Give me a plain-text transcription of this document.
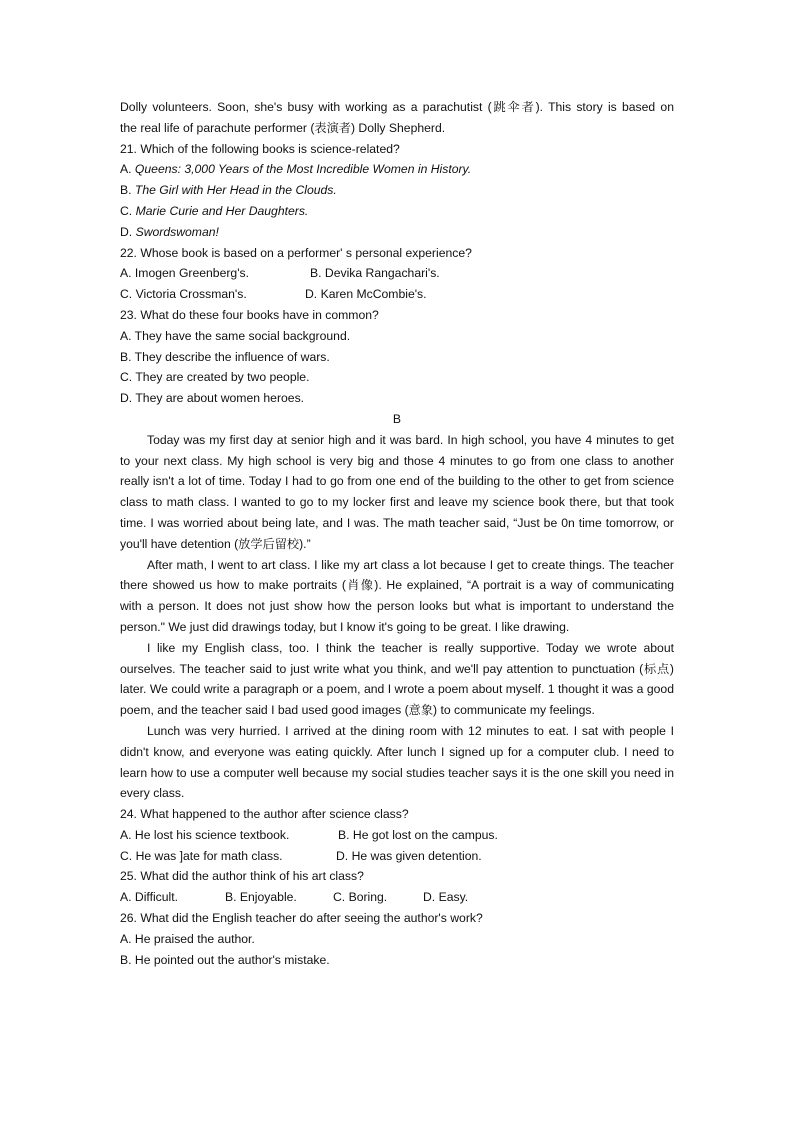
Dolly volunteers. Soon, she's busy with working as a parachutist (跳伞者). This story is based on
the real life of parachute performer (表演者) Dolly Shepherd.
21. Which of the following books is science-related?
A. Queens: 3,000 Years of the Most Incredible Women in History.
B. The Girl with Her Head in the Clouds.
C. Marie Curie and Her Daughters.
D. Swordswoman!
22. Whose book is based on a performer' s personal experience?
A. Imogen Greenberg's.	B. Devika Rangachari's.
C. Victoria Crossman's.	D. Karen McCombie's.
23. What do these four books have in common?
A. They have the same social background.
B. They describe the influence of wars.
C. They are created by two people.
D. They are about women heroes.
B
Today was my first day at senior high and it was bard. In high school, you have 4 minutes to get to your next class. My high school is very big and those 4 minutes to go from one class to another really isn't a lot of time. Today I had to go from one end of the building to the other to get from science class to math class. I wanted to go to my locker first and leave my science book there, but that took time. I was worried about being late, and I was. The math teacher said, “Just be 0n time tomorrow, or you'll have detention (放学后留校).”
After math, I went to art class. I like my art class a lot because I get to create things. The teacher there showed us how to make portraits (肖像). He explained, “A portrait is a way of communicating with a person. It does not just show how the person looks but what is important to understand the person." We just did drawings today, but I know it's going to be great. I like drawing.
I like my English class, too. I think the teacher is really supportive. Today we wrote about ourselves. The teacher said to just write what you think, and we'll pay attention to punctuation (标点) later. We could write a paragraph or a poem, and I wrote a poem about myself. 1 thought it was a good poem, and the teacher said I bad used good images (意象) to communicate my feelings.
Lunch was very hurried. I arrived at the dining room with 12 minutes to eat. I sat with people I didn't know, and everyone was eating quickly. After lunch I signed up for a computer club. I need to learn how to use a computer well because my social studies teacher says it is the one skill you need in every class.
24. What happened to the author after science class?
A. He lost his science textbook.	B. He got lost on the campus.
C. He was ]ate for math class.	D. He was given detention.
25. What did the author think of his art class?
A. Difficult.	B. Enjoyable.	C. Boring.	D. Easy.
26. What did the English teacher do after seeing the author's work?
A. He praised the author.
B. He pointed out the author's mistake.
